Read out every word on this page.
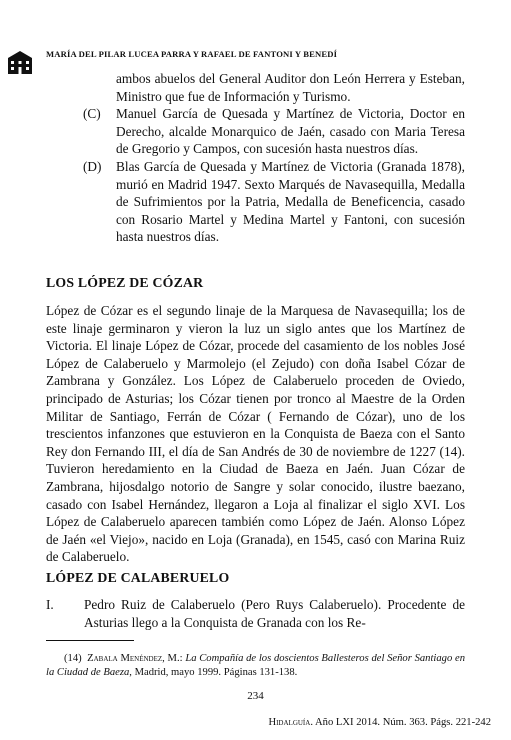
MARÍA DEL PILAR LUCEA PARRA Y RAFAEL DE FANTONI Y BENEDÍ
ambos abuelos del General Auditor don León Herrera y Esteban, Ministro que fue de Información y Turismo.
(C) Manuel García de Quesada y Martínez de Victoria, Doctor en Derecho, alcalde Monarquico de Jaén, casado con Maria Teresa de Gregorio y Campos, con sucesión hasta nuestros días.
(D) Blas García de Quesada y Martínez de Victoria (Granada 1878), murió en Madrid 1947. Sexto Marqués de Navasequilla, Medalla de Sufrimientos por la Patria, Medalla de Beneficencia, casado con Rosario Martel y Medina Martel y Fantoni, con sucesión hasta nuestros días.
LOS LÓPEZ DE CÓZAR

López de Cózar es el segundo linaje de la Marquesa de Navasequilla; los de este linaje germinaron y vieron la luz un siglo antes que los Martínez de Victoria. El linaje López de Cózar, procede del casamiento de los nobles José López de Calaberuelo y Marmolejo (el Zejudo) con doña Isabel Cózar de Zambrana y González. Los López de Calaberuelo proceden de Oviedo, principado de Asturias; los Cózar tienen por tronco al Maestre de la Orden Militar de Santiago, Ferrán de Cózar ( Fernando de Cózar), uno de los trescientos infanzones que estuvieron en la Conquista de Baeza con el Santo Rey don Fernando III, el día de San Andrés de 30 de noviembre de 1227 (14). Tuvieron heredamiento en la Ciudad de Baeza en Jaén. Juan Cózar de Zambrana, hijosdalgo notorio de Sangre y solar conocido, ilustre baezano, casado con Isabel Hernández, llegaron a Loja al finalizar el siglo XVI. Los López de Calaberuelo aparecen también como López de Jaén. Alonso López de Jaén «el Viejo», nacido en Loja (Granada), en 1545, casó con Marina Ruiz de Calaberuelo.

LÓPEZ DE CALABERUELO
I. Pedro Ruiz de Calaberuelo (Pero Ruys Calaberuelo). Procedente de Asturias llego a la Conquista de Granada con los Re-
(14) Zabala Menéndez, M.: La Compañía de los doscientos Ballesteros del Señor Santiago en la Ciudad de Baeza, Madrid, mayo 1999. Páginas 131-138.
234
Hidalguía. Año LXI 2014. Núm. 363. Págs. 221-242
